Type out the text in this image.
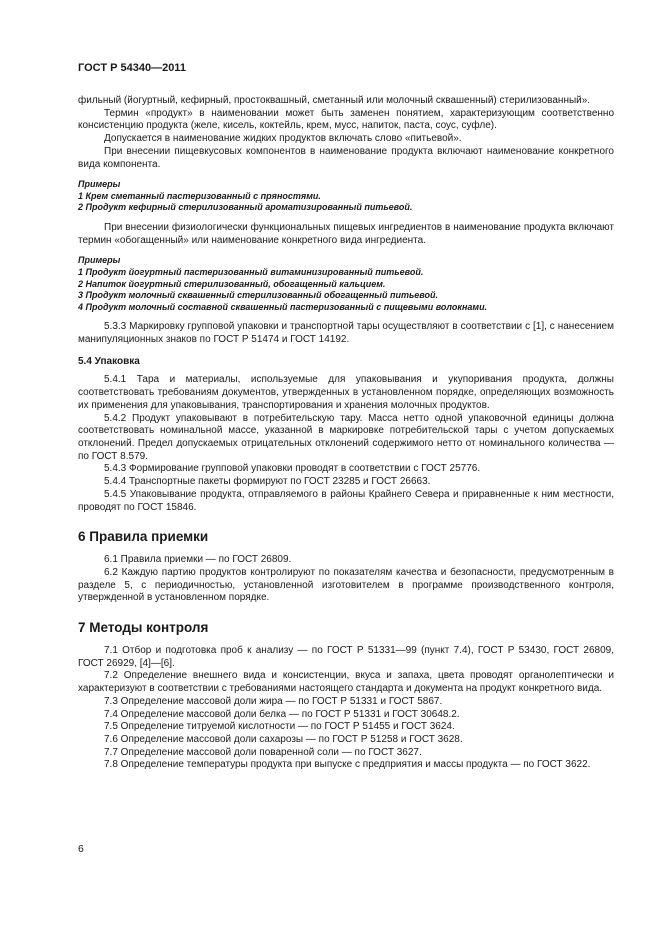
ГОСТ Р 54340—2011

фильный (йогуртный, кефирный, простоквашный, сметанный или молочный сквашенный) стерилизованный».

Термин «продукт» в наименовании может быть заменен понятием, характеризующим соответственно консистенцию продукта (желе, кисель, коктейль, крем, мусс, напиток, паста, соус, суфле).

Допускается в наименование жидких продуктов включать слово «питьевой».

При внесении пищевкусовых компонентов в наименование продукта включают наименование конкретного вида компонента.

Примеры
1 Крем сметанный пастеризованный с пряностями.
2 Продукт кефирный стерилизованный ароматизированный питьевой.

При внесении физиологически функциональных пищевых ингредиентов в наименование продукта включают термин «обогащенный» или наименование конкретного вида ингредиента.

Примеры
1 Продукт йогуртный пастеризованный витаминизированный питьевой.
2 Напиток йогуртный стерилизованный, обогащенный кальцием.
3 Продукт молочный сквашенный стерилизованный обогащенный питьевой.
4 Продукт молочный составной сквашенный пастеризованный с пищевыми волокнами.

5.3.3 Маркировку групповой упаковки и транспортной тары осуществляют в соответствии с [1], с нанесением манипуляционных знаков по ГОСТ Р 51474 и ГОСТ 14192.

5.4 Упаковка

5.4.1 Тара и материалы, используемые для упаковывания и укупоривания продукта, должны соответствовать требованиям документов, утвержденных в установленном порядке, определяющих возможность их применения для упаковывания, транспортирования и хранения молочных продуктов.

5.4.2 Продукт упаковывают в потребительскую тару. Масса нетто одной упаковочной единицы должна соответствовать номинальной массе, указанной в маркировке потребительской тары с учетом допускаемых отклонений. Предел допускаемых отрицательных отклонений содержимого нетто от номинального количества — по ГОСТ 8.579.

5.4.3 Формирование групповой упаковки проводят в соответствии с ГОСТ 25776.

5.4.4 Транспортные пакеты формируют по ГОСТ 23285 и ГОСТ 26663.

5.4.5 Упаковывание продукта, отправляемого в районы Крайнего Севера и приравненные к ним местности, проводят по ГОСТ 15846.

6 Правила приемки

6.1 Правила приемки — по ГОСТ 26809.

6.2 Каждую партию продуктов контролируют по показателям качества и безопасности, предусмотренным в разделе 5, с периодичностью, установленной изготовителем в программе производственного контроля, утвержденной в установленном порядке.

7 Методы контроля

7.1 Отбор и подготовка проб к анализу — по ГОСТ Р 51331—99 (пункт 7.4), ГОСТ Р 53430, ГОСТ 26809, ГОСТ 26929, [4]—[6].

7.2 Определение внешнего вида и консистенции, вкуса и запаха, цвета проводят органолептически и характеризуют в соответствии с требованиями настоящего стандарта и документа на продукт конкретного вида.

7.3 Определение массовой доли жира — по ГОСТ Р 51331 и ГОСТ 5867.

7.4 Определение массовой доли белка — по ГОСТ Р 51331 и ГОСТ 30648.2.

7.5 Определение титруемой кислотности — по ГОСТ Р 51455 и ГОСТ 3624.

7.6 Определение массовой доли сахарозы — по ГОСТ Р 51258 и ГОСТ 3628.

7.7 Определение массовой доли поваренной соли — по ГОСТ 3627.

7.8 Определение температуры продукта при выпуске с предприятия и массы продукта — по ГОСТ 3622.

6
